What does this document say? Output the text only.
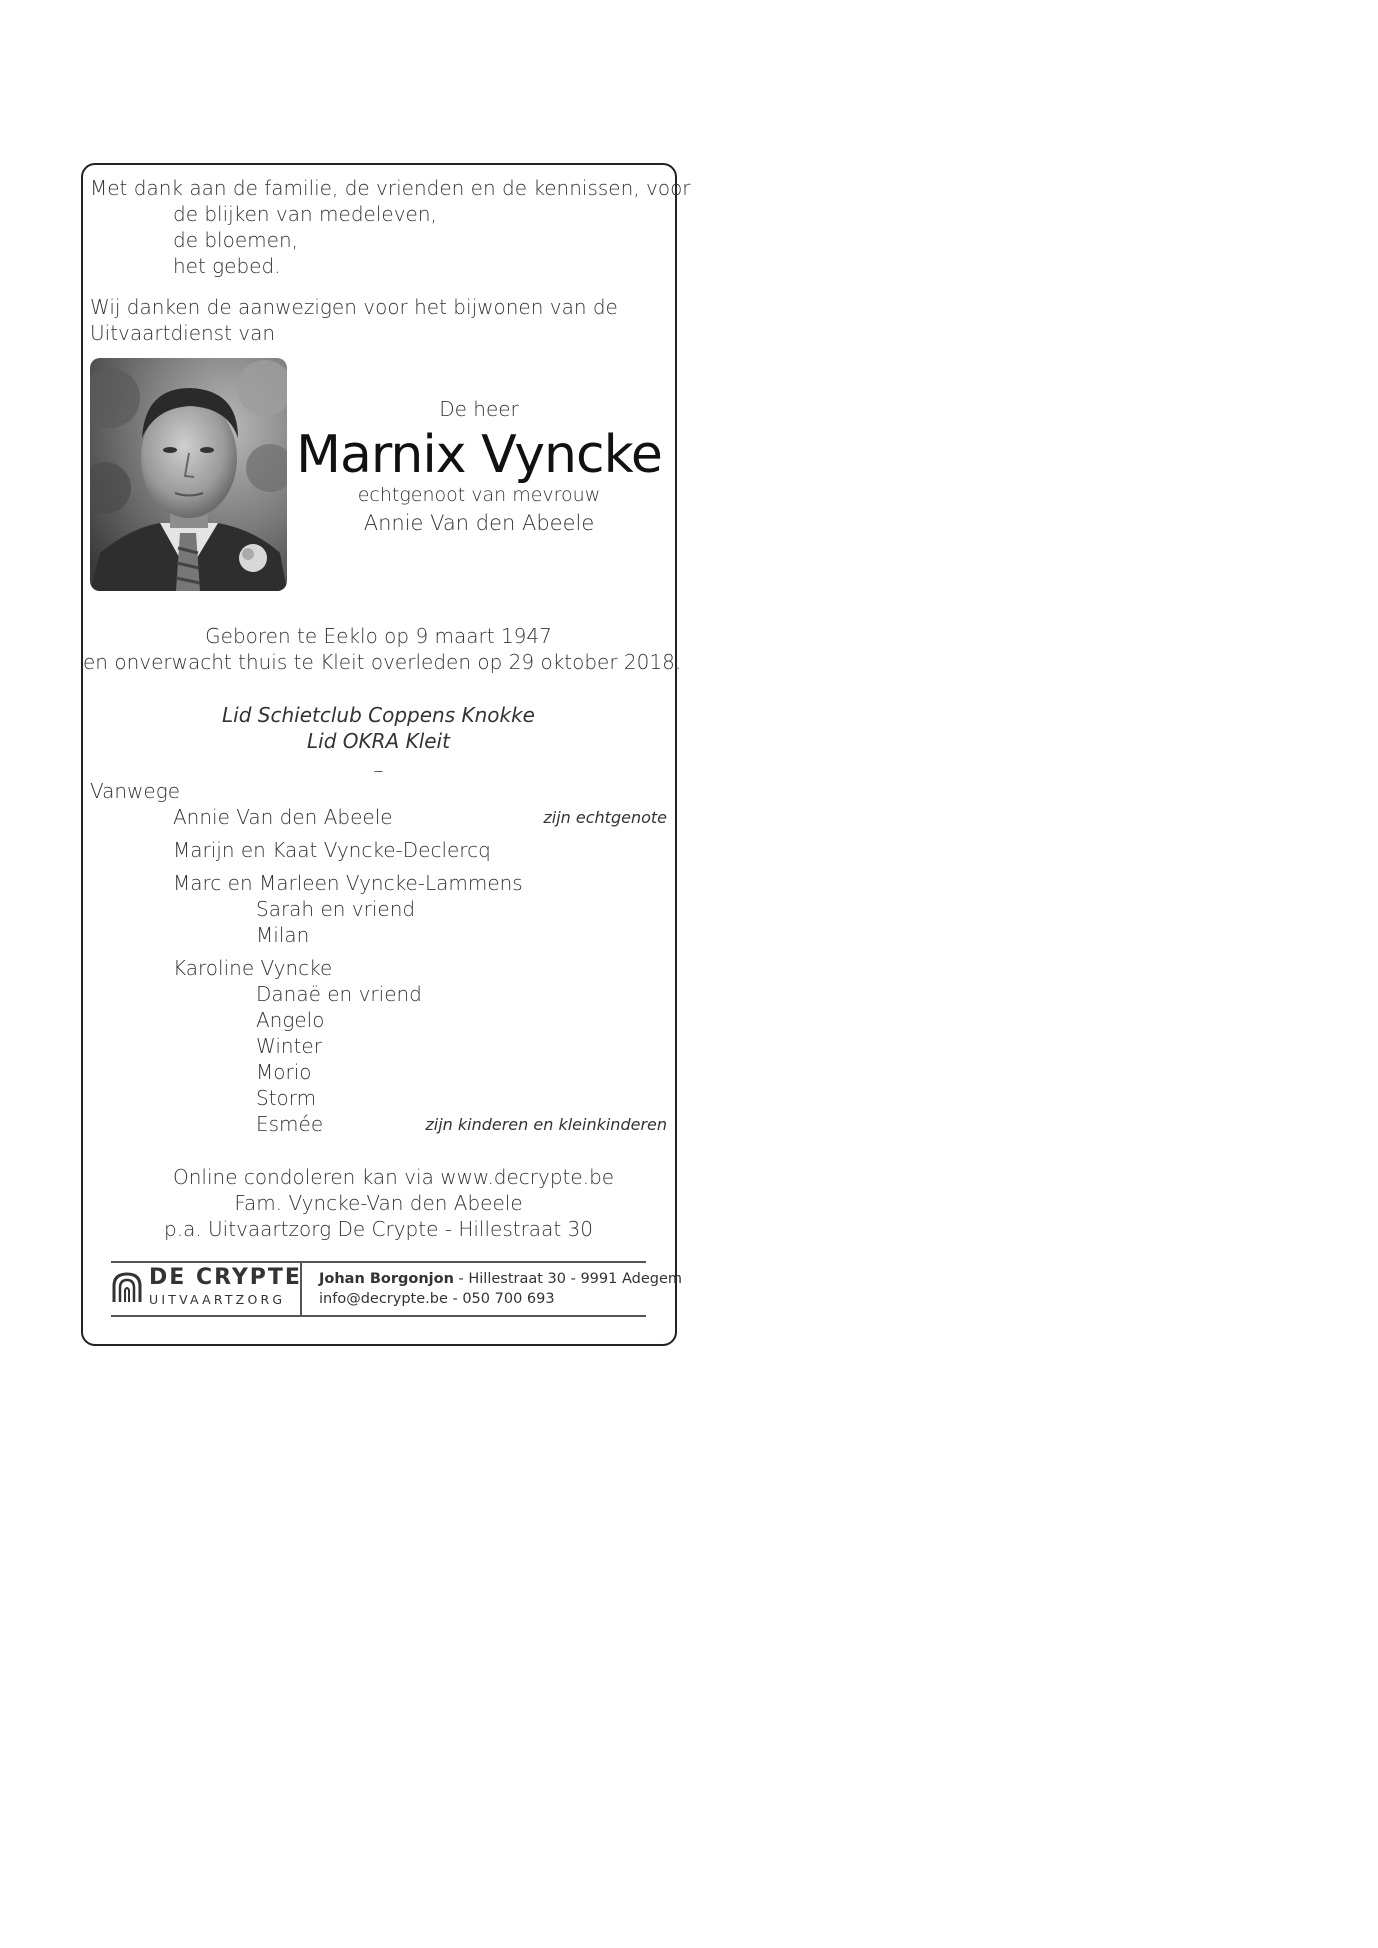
Met dank aan de familie, de vrienden en de kennissen, voor
de blijken van medeleven,
de bloemen,
het gebed.
Wij danken de aanwezigen voor het bijwonen van de
Uitvaartdienst van
De heer
Marnix Vyncke
echtgenoot van mevrouw
Annie Van den Abeele
Geboren te Eeklo op 9 maart 1947
en onverwacht thuis te Kleit overleden op 29 oktober 2018.
Lid Schietclub Coppens Knokke
Lid OKRA Kleit
–
Vanwege
Annie Van den Abeele	zijn echtgenote
Marijn en Kaat Vyncke-Declercq
Marc en Marleen Vyncke-Lammens
Sarah en vriend
Milan
Karoline Vyncke
Danaë en vriend
Angelo
Winter
Morio
Storm
Esmée	zijn kinderen en kleinkinderen
Online condoleren kan via www.decrypte.be
Fam. Vyncke-Van den Abeele
p.a. Uitvaartzorg De Crypte - Hillestraat 30
DE CRYPTE
UITVAARTZORG
Johan Borgonjon - Hillestraat 30 - 9991 Adegem
info@decrypte.be - 050 700 693
